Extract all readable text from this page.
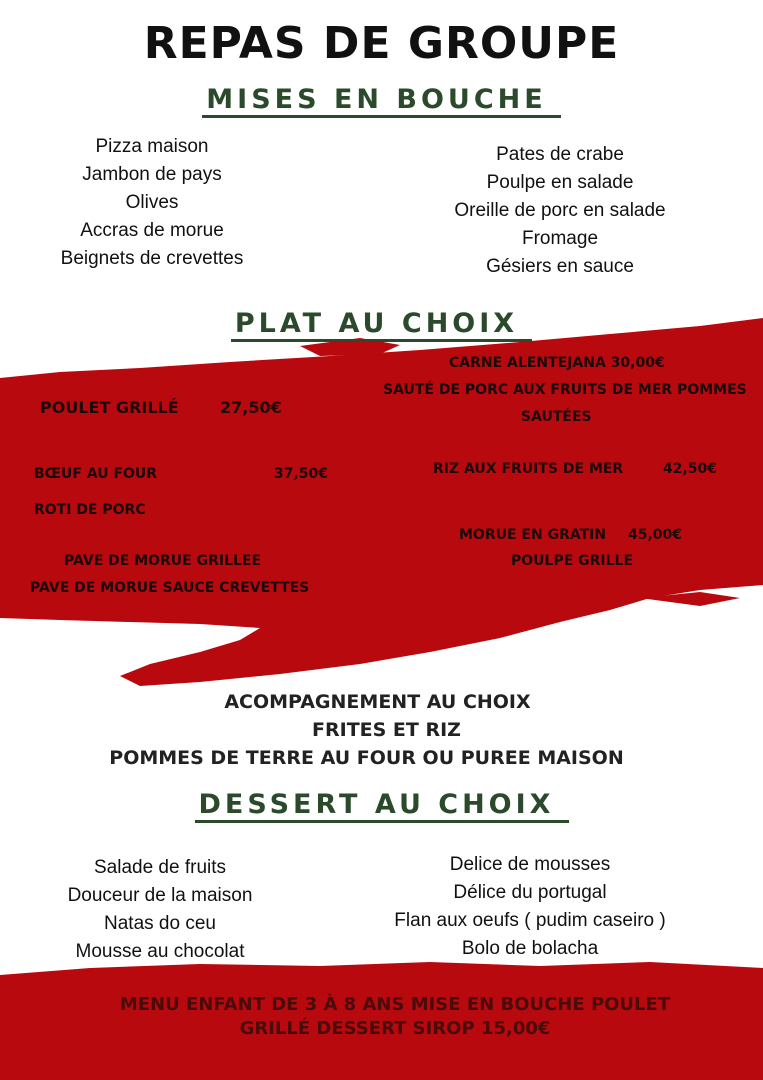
REPAS DE GROUPE
MISES EN BOUCHE
Pizza maison
Jambon de pays
Olives
Accras de morue
Beignets de crevettes
Pates de crabe
Poulpe en salade
Oreille de porc en salade
Fromage
Gésiers en sauce
PLAT AU CHOIX
POULET GRILLÉ	27,50€
BŒUF AU FOUR	37,50€
ROTI DE PORC
PAVE DE MORUE GRILLEE
PAVE DE MORUE SAUCE CREVETTES
CARNE ALENTEJANA 30,00€
SAUTÉ DE PORC AUX FRUITS DE MER POMMES
SAUTÉES
RIZ AUX FRUITS DE MER	42,50€
MORUE EN GRATIN 45,00€
POULPE GRILLE
ACOMPAGNEMENT AU CHOIX
FRITES ET RIZ
POMMES DE TERRE AU FOUR OU PUREE MAISON
DESSERT AU CHOIX
Salade de fruits
Douceur de la maison
Natas do ceu
Mousse au chocolat
Delice de mousses
Délice du portugal
Flan aux oeufs ( pudim caseiro )
Bolo de bolacha
MENU ENFANT DE 3 À 8 ANS MISE EN BOUCHE POULET
GRILLÉ DESSERT SIROP 15,00€
